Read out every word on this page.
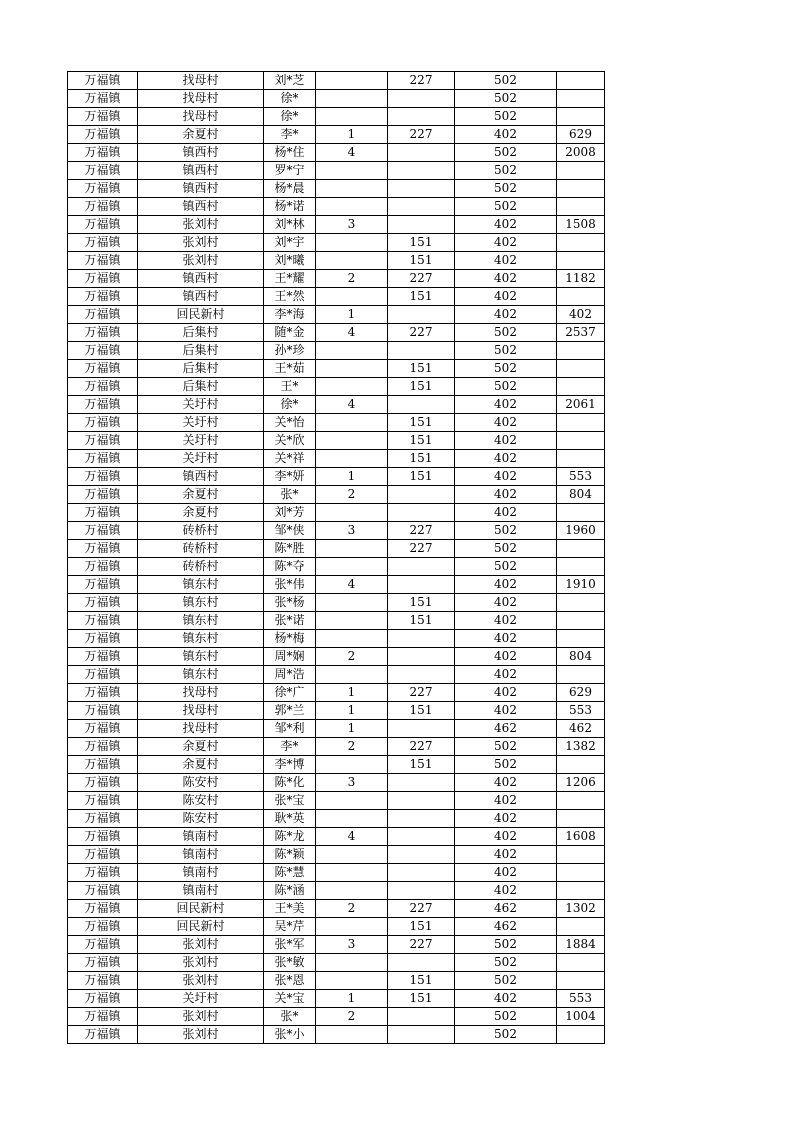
万福镇	找母村	刘*芝		227	502	
万福镇	找母村	徐*			502	
万福镇	找母村	徐*			502	
万福镇	余夏村	李*	1	227	402	629
万福镇	镇西村	杨*住	4		502	2008
万福镇	镇西村	罗*宁			502	
万福镇	镇西村	杨*晨			502	
万福镇	镇西村	杨*诺			502	
万福镇	张刘村	刘*林	3		402	1508
万福镇	张刘村	刘*宇		151	402	
万福镇	张刘村	刘*曦		151	402	
万福镇	镇西村	王*耀	2	227	402	1182
万福镇	镇西村	王*然		151	402	
万福镇	回民新村	李*海	1		402	402
万福镇	后集村	随*金	4	227	502	2537
万福镇	后集村	孙*珍			502	
万福镇	后集村	王*茹		151	502	
万福镇	后集村	王*		151	502	
万福镇	关圩村	徐*	4		402	2061
万福镇	关圩村	关*怡		151	402	
万福镇	关圩村	关*欣		151	402	
万福镇	关圩村	关*祥		151	402	
万福镇	镇西村	李*妍	1	151	402	553
万福镇	余夏村	张*	2		402	804
万福镇	余夏村	刘*芳			402	
万福镇	砖桥村	邹*侠	3	227	502	1960
万福镇	砖桥村	陈*胜		227	502	
万福镇	砖桥村	陈*夺			502	
万福镇	镇东村	张*伟	4		402	1910
万福镇	镇东村	张*杨		151	402	
万福镇	镇东村	张*诺		151	402	
万福镇	镇东村	杨*梅			402	
万福镇	镇东村	周*娴	2		402	804
万福镇	镇东村	周*浩			402	
万福镇	找母村	徐*广	1	227	402	629
万福镇	找母村	郭*兰	1	151	402	553
万福镇	找母村	邹*利	1		462	462
万福镇	余夏村	李*	2	227	502	1382
万福镇	余夏村	李*博		151	502	
万福镇	陈安村	陈*化	3		402	1206
万福镇	陈安村	张*宝			402	
万福镇	陈安村	耿*英			402	
万福镇	镇南村	陈*龙	4		402	1608
万福镇	镇南村	陈*颖			402	
万福镇	镇南村	陈*慧			402	
万福镇	镇南村	陈*涵			402	
万福镇	回民新村	王*美	2	227	462	1302
万福镇	回民新村	吴*芹		151	462	
万福镇	张刘村	张*军	3	227	502	1884
万福镇	张刘村	张*敏			502	
万福镇	张刘村	张*恩		151	502	
万福镇	关圩村	关*宝	1	151	402	553
万福镇	张刘村	张*	2		502	1004
万福镇	张刘村	张*小			502	
